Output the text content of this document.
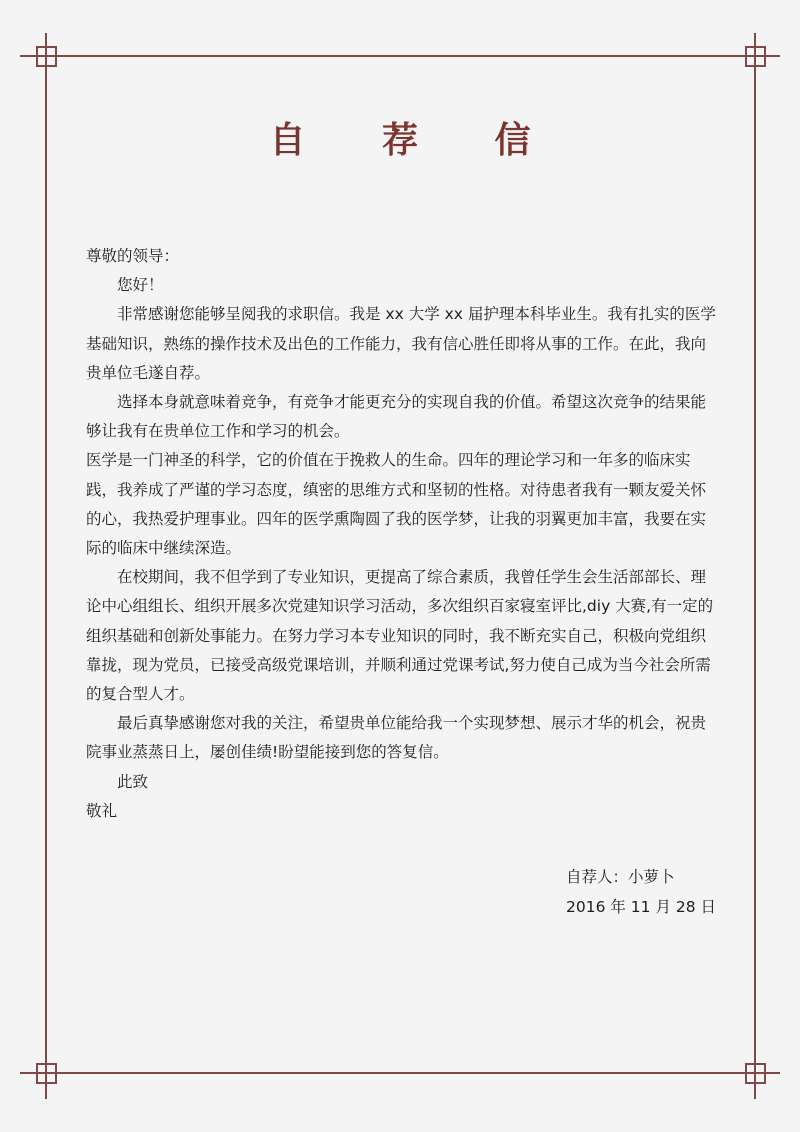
自 荐 信

尊敬的领导：

您好！

非常感谢您能够呈阅我的求职信。我是 xx 大学 xx 届护理本科毕业生。我有扎实的医学基础知识，熟练的操作技术及出色的工作能力，我有信心胜任即将从事的工作。在此，我向贵单位毛遂自荐。

选择本身就意味着竞争，有竞争才能更充分的实现自我的价值。希望这次竞争的结果能够让我有在贵单位工作和学习的机会。

医学是一门神圣的科学，它的价值在于挽救人的生命。四年的理论学习和一年多的临床实践，我养成了严谨的学习态度，缜密的思维方式和坚韧的性格。对待患者我有一颗友爱关怀的心，我热爱护理事业。四年的医学熏陶圆了我的医学梦，让我的羽翼更加丰富，我要在实际的临床中继续深造。

在校期间，我不但学到了专业知识，更提高了综合素质，我曾任学生会生活部部长、理论中心组组长、组织开展多次党建知识学习活动，多次组织百家寝室评比,diy 大赛,有一定的组织基础和创新处事能力。在努力学习本专业知识的同时，我不断充实自己，积极向党组织靠拢，现为党员，已接受高级党课培训，并顺利通过党课考试,努力使自己成为当今社会所需的复合型人才。

最后真挚感谢您对我的关注，希望贵单位能给我一个实现梦想、展示才华的机会，祝贵院事业蒸蒸日上，屡创佳绩!盼望能接到您的答复信。

此致

敬礼

自荐人：小萝卜

2016 年 11 月 28 日
